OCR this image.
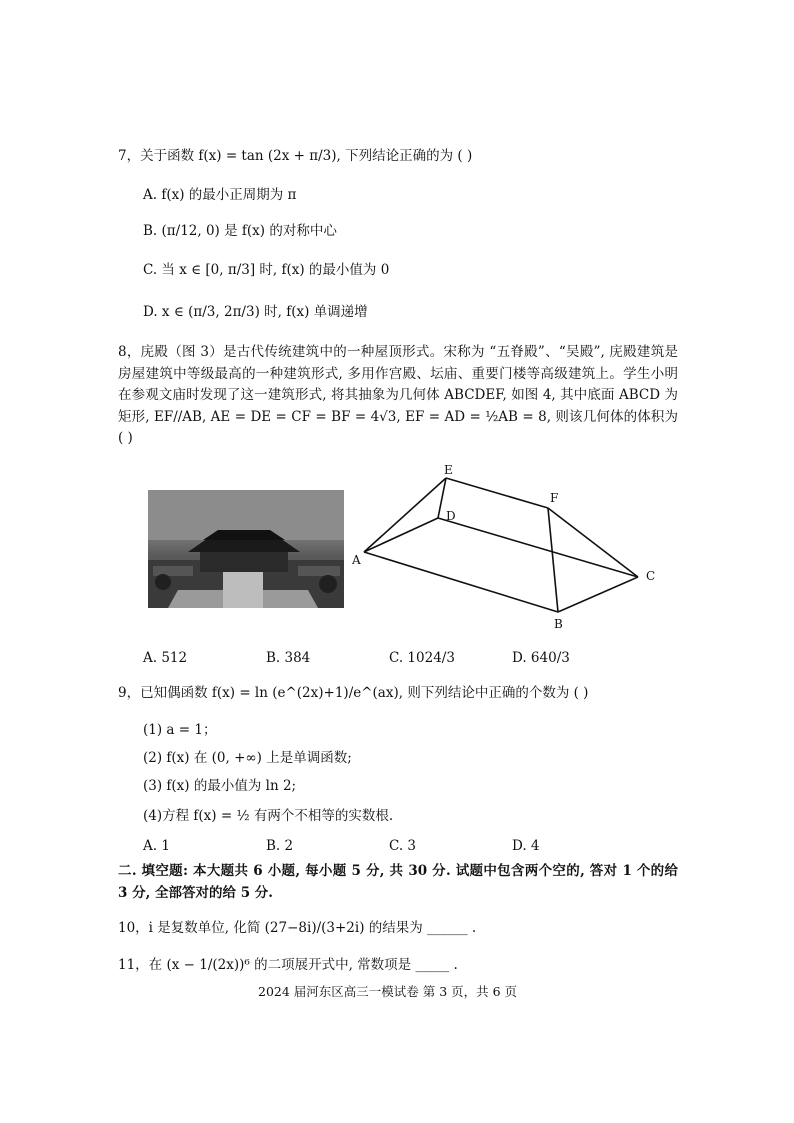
7，关于函数 f(x) = tan (2x + π/3), 下列结论正确的为 ( )
A. f(x) 的最小正周期为 π
B. (π/12, 0) 是 f(x) 的对称中心
C. 当 x ∈ [0, π/3] 时, f(x) 的最小值为 0
D. x ∈ (π/3, 2π/3) 时, f(x) 单调递增
8，庑殿（图 3）是古代传统建筑中的一种屋顶形式。宋称为 “五脊殿”、“吴殿”, 庑殿建筑是房屋建筑中等级最高的一种建筑形式, 多用作宫殿、坛庙、重要门楼等高级建筑上。学生小明在参观文庙时发现了这一建筑形式, 将其抽象为几何体 ABCDEF, 如图 4, 其中底面 ABCD 为矩形, EF//AB, AE = DE = CF = BF = 4√3, EF = AD = ½AB = 8, 则该几何体的体积为 ( )
E
F
D
A
C
B
A. 512	B. 384	C. 1024/3	D. 640/3
9，已知偶函数 f(x) = ln (e^(2x)+1)/e^(ax), 则下列结论中正确的个数为 ( )
(1) a = 1；
(2) f(x) 在 (0, +∞) 上是单调函数;
(3) f(x) 的最小值为 ln 2;
(4)方程 f(x) = ½ 有两个不相等的实数根.
A. 1	B. 2	C. 3	D. 4
二. 填空题: 本大题共 6 小题, 每小题 5 分, 共 30 分. 试题中包含两个空的, 答对 1 个的给 3 分, 全部答对的给 5 分.
10，i 是复数单位, 化简 (27−8i)/(3+2i) 的结果为 ______ .
11，在 (x − 1/(2x))⁶ 的二项展开式中, 常数项是 _____ .
2024 届河东区高三一模试卷 第 3 页，共 6 页
